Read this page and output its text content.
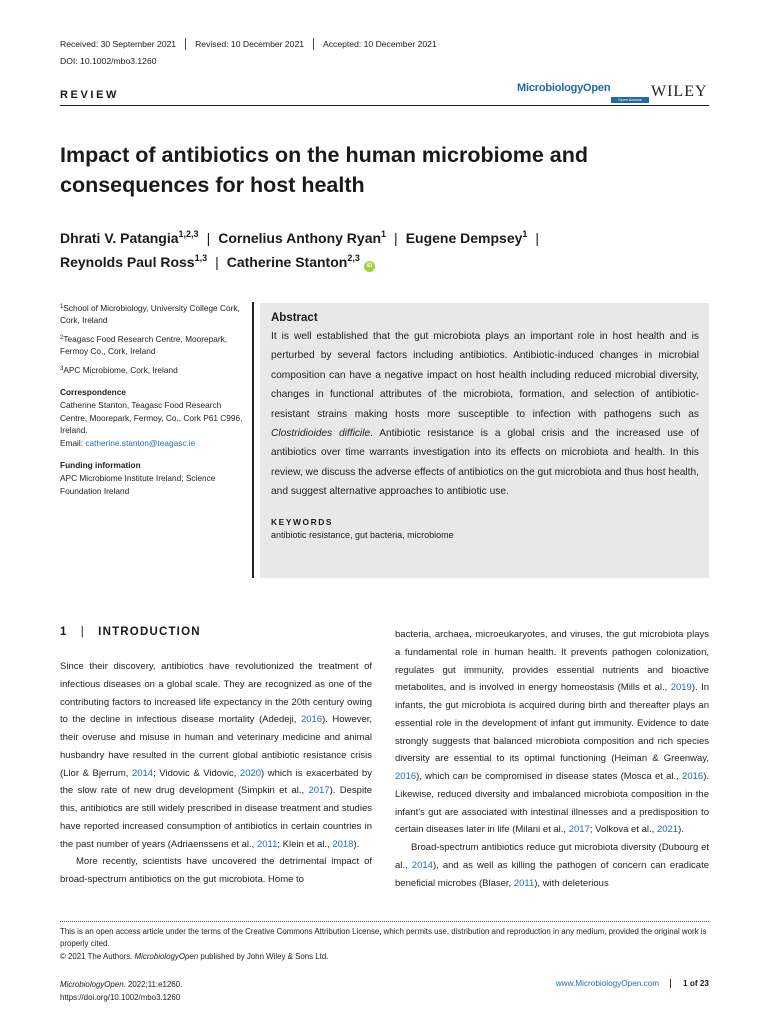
Received: 30 September 2021	Revised: 10 December 2021	Accepted: 10 December 2021
DOI: 10.1002/mbo3.1260
REVIEW
MicrobiologyOpen
Open Access WILEY
Impact of antibiotics on the human microbiome and consequences for host health
Dhrati V. Patangia$^{1,2,3}$ | Cornelius Anthony Ryan$^1$ | Eugene Dempsey$^1$ |
Reynolds Paul Ross$^{1,3}$ | Catherine Stanton$^{2,3}$iD

$^1$School of Microbiology, University College Cork, Cork, Ireland

$^2$Teagasc Food Research Centre, Moorepark, Fermoy Co., Cork, Ireland

$^3$APC Microbiome, Cork, Ireland

Correspondence

Catherine Stanton, Teagasc Food Research Centre, Moorepark, Fermoy, Co., Cork P61 C996, Ireland.
Email: catherine.stanton@teagasc.ie

Funding information

APC Microbiome Institute Ireland; Science Foundation Ireland

Abstract
It is well established that the gut microbiota plays an important role in host health and is perturbed by several factors including antibiotics. Antibiotic-induced changes in microbial composition can have a negative impact on host health including reduced microbial diversity, changes in functional attributes of the microbiota, formation, and selection of antibiotic-resistant strains making hosts more susceptible to infection with pathogens such as Clostridioides difficile. Antibiotic resistance is a global crisis and the increased use of antibiotics over time warrants investigation into its effects on microbiota and health. In this review, we discuss the adverse effects of antibiotics on the gut microbiota and thus host health, and suggest alternative approaches to antibiotic use.
KEYWORDS
antibiotic resistance, gut bacteria, microbiome
1 | INTRODUCTION

Since their discovery, antibiotics have revolutionized the treatment of infectious diseases on a global scale. They are recognized as one of the contributing factors to increased life expectancy in the 20th century owing to the decline in infectious disease mortality (Adedeji, 2016). However, their overuse and misuse in human and veterinary medicine and animal husbandry have resulted in the current global antibiotic resistance crisis (Llor & Bjerrum, 2014; Vidovic & Vidovic, 2020) which is exacerbated by the slow rate of new drug development (Simpkin et al., 2017). Despite this, antibiotics are still widely prescribed in disease treatment and studies have reported increased consumption of antibiotics in certain countries in the past number of years (Adriaenssens et al., 2011; Klein et al., 2018).

More recently, scientists have uncovered the detrimental impact of broad-spectrum antibiotics on the gut microbiota. Home to

bacteria, archaea, microeukaryotes, and viruses, the gut microbiota plays a fundamental role in human health. It prevents pathogen colonization, regulates gut immunity, provides essential nutrients and bioactive metabolites, and is involved in energy homeostasis (Mills et al., 2019). In infants, the gut microbiota is acquired during birth and thereafter plays an essential role in the development of infant gut immunity. Evidence to date strongly suggests that balanced microbiota composition and rich species diversity are essential to its optimal functioning (Heiman & Greenway, 2016), which can be compromised in disease states (Mosca et al., 2016). Likewise, reduced diversity and imbalanced microbiota composition in the infant's gut are associated with intestinal illnesses and a predisposition to certain diseases later in life (Milani et al., 2017; Volkova et al., 2021).

Broad-spectrum antibiotics reduce gut microbiota diversity (Dubourg et al., 2014), and as well as killing the pathogen of concern can eradicate beneficial microbes (Blaser, 2011), with deleterious

This is an open access article under the terms of the Creative Commons Attribution License, which permits use, distribution and reproduction in any medium, provided the original work is properly cited.
© 2021 The Authors. MicrobiologyOpen published by John Wiley & Sons Ltd.
MicrobiologyOpen. 2022;11:e1260.
https://doi.org/10.1002/mbo3.1260
www.MicrobiologyOpen.com	1 of 23
